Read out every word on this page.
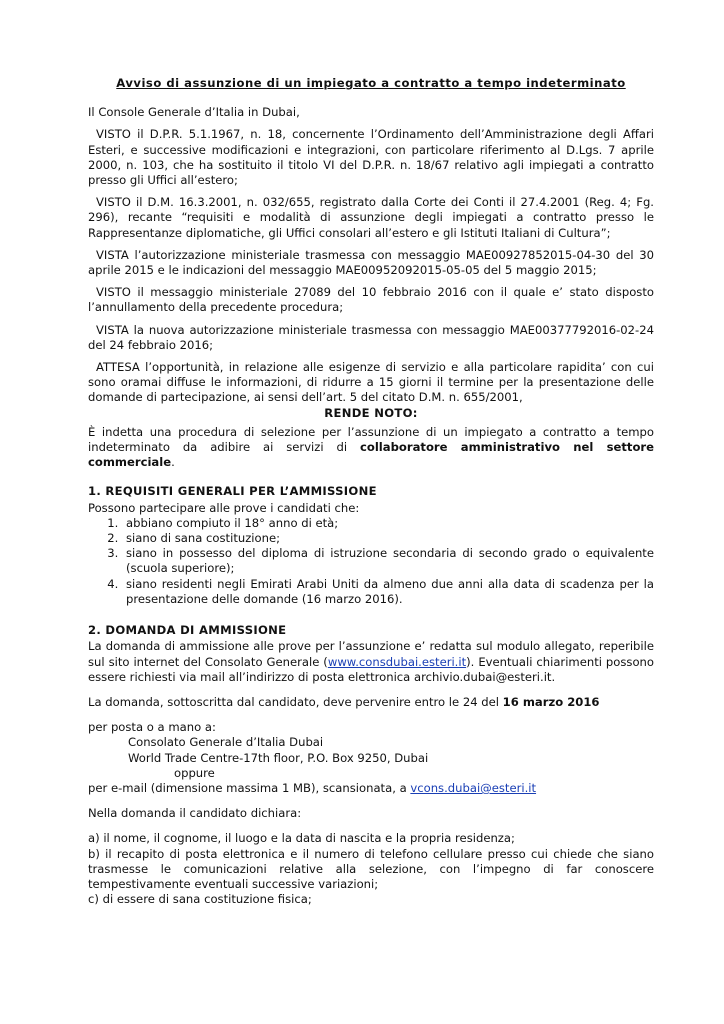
Avviso di assunzione di un impiegato a contratto a tempo indeterminato

Il Console Generale d’Italia in Dubai,

VISTO il D.P.R. 5.1.1967, n. 18, concernente l’Ordinamento dell’Amministrazione degli Affari Esteri, e successive modificazioni e integrazioni, con particolare riferimento al D.Lgs. 7 aprile 2000, n. 103, che ha sostituito il titolo VI del D.P.R. n. 18/67 relativo agli impiegati a contratto presso gli Uffici all’estero;

VISTO il D.M. 16.3.2001, n. 032/655, registrato dalla Corte dei Conti il 27.4.2001 (Reg. 4; Fg. 296), recante “requisiti e modalità di assunzione degli impiegati a contratto presso le Rappresentanze diplomatiche, gli Uffici consolari all’estero e gli Istituti Italiani di Cultura”;

VISTA l’autorizzazione ministeriale trasmessa con messaggio MAE00927852015-04-30 del 30 aprile 2015 e le indicazioni del messaggio MAE00952092015-05-05 del 5 maggio 2015;

VISTO il messaggio ministeriale 27089 del 10 febbraio 2016 con il quale e’ stato disposto l’annullamento della precedente procedura;

VISTA la nuova autorizzazione ministeriale trasmessa con messaggio MAE00377792016-02-24 del 24 febbraio 2016;

ATTESA l’opportunità, in relazione alle esigenze di servizio e alla particolare rapidita’ con cui sono oramai diffuse le informazioni, di ridurre a 15 giorni il termine per la presentazione delle domande di partecipazione, ai sensi dell’art. 5 del citato D.M. n. 655/2001,

RENDE NOTO:

È indetta una procedura di selezione per l’assunzione di un impiegato a contratto a tempo indeterminato da adibire ai servizi di collaboratore amministrativo nel settore commerciale.

1. REQUISITI GENERALI PER L’AMMISSIONE

Possono partecipare alle prove i candidati che:

1. abbiano compiuto il 18° anno di età;
2. siano di sana costituzione;
3. siano in possesso del diploma di istruzione secondaria di secondo grado o equivalente (scuola superiore);
4. siano residenti negli Emirati Arabi Uniti da almeno due anni alla data di scadenza per la presentazione delle domande (16 marzo 2016).
2. DOMANDA DI AMMISSIONE

La domanda di ammissione alle prove per l’assunzione e’ redatta sul modulo allegato, reperibile sul sito internet del Consolato Generale (www.consdubai.esteri.it). Eventuali chiarimenti possono essere richiesti via mail all’indirizzo di posta elettronica archivio.dubai@esteri.it.

La domanda, sottoscritta dal candidato, deve pervenire entro le 24 del 16 marzo 2016

per posta o a mano a:

Consolato Generale d’Italia Dubai

World Trade Centre-17th floor, P.O. Box 9250, Dubai

oppure

per e-mail (dimensione massima 1 MB), scansionata, a vcons.dubai@esteri.it

Nella domanda il candidato dichiara:

a) il nome, il cognome, il luogo e la data di nascita e la propria residenza;

b) il recapito di posta elettronica e il numero di telefono cellulare presso cui chiede che siano trasmesse le comunicazioni relative alla selezione, con l’impegno di far conoscere tempestivamente eventuali successive variazioni;

c) di essere di sana costituzione fisica;
